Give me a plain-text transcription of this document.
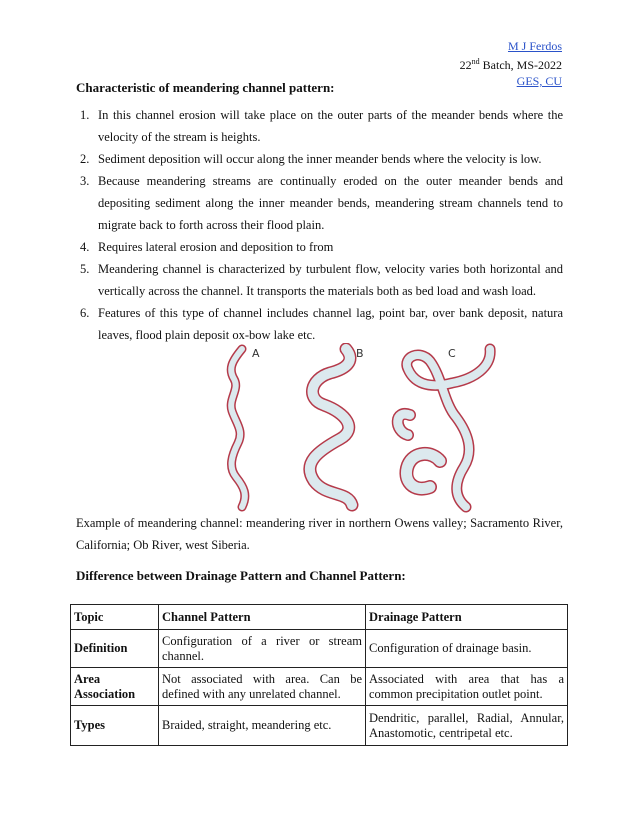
M J Ferdos
22nd Batch, MS-2022
GES, CU
Characteristic of meandering channel pattern:
1. In this channel erosion will take place on the outer parts of the meander bends where the velocity of the stream is heights.
2. Sediment deposition will occur along the inner meander bends where the velocity is low.
3. Because meandering streams are continually eroded on the outer meander bends and depositing sediment along the inner meander bends, meandering stream channels tend to migrate back to forth across their flood plain.
4. Requires lateral erosion and deposition to from
5. Meandering channel is characterized by turbulent flow, velocity varies both horizontal and vertically across the channel. It transports the materials both as bed load and wash load.
6. Features of this type of channel includes channel lag, point bar, over bank deposit, natura leaves, flood plain deposit ox-bow lake etc.
A	B	C
Example of meandering channel: meandering river in northern Owens valley; Sacramento River, California; Ob River, west Siberia.
Difference between Drainage Pattern and Channel Pattern:
Topic	Channel Pattern	Drainage Pattern
Definition	Configuration of a river or stream channel.	Configuration of drainage basin.
Area Association	Not associated with area. Can be defined with any unrelated channel.	Associated with area that has a common precipitation outlet point.
Types	Braided, straight, meandering etc.	Dendritic, parallel, Radial, Annular, Anastomotic, centripetal etc.
